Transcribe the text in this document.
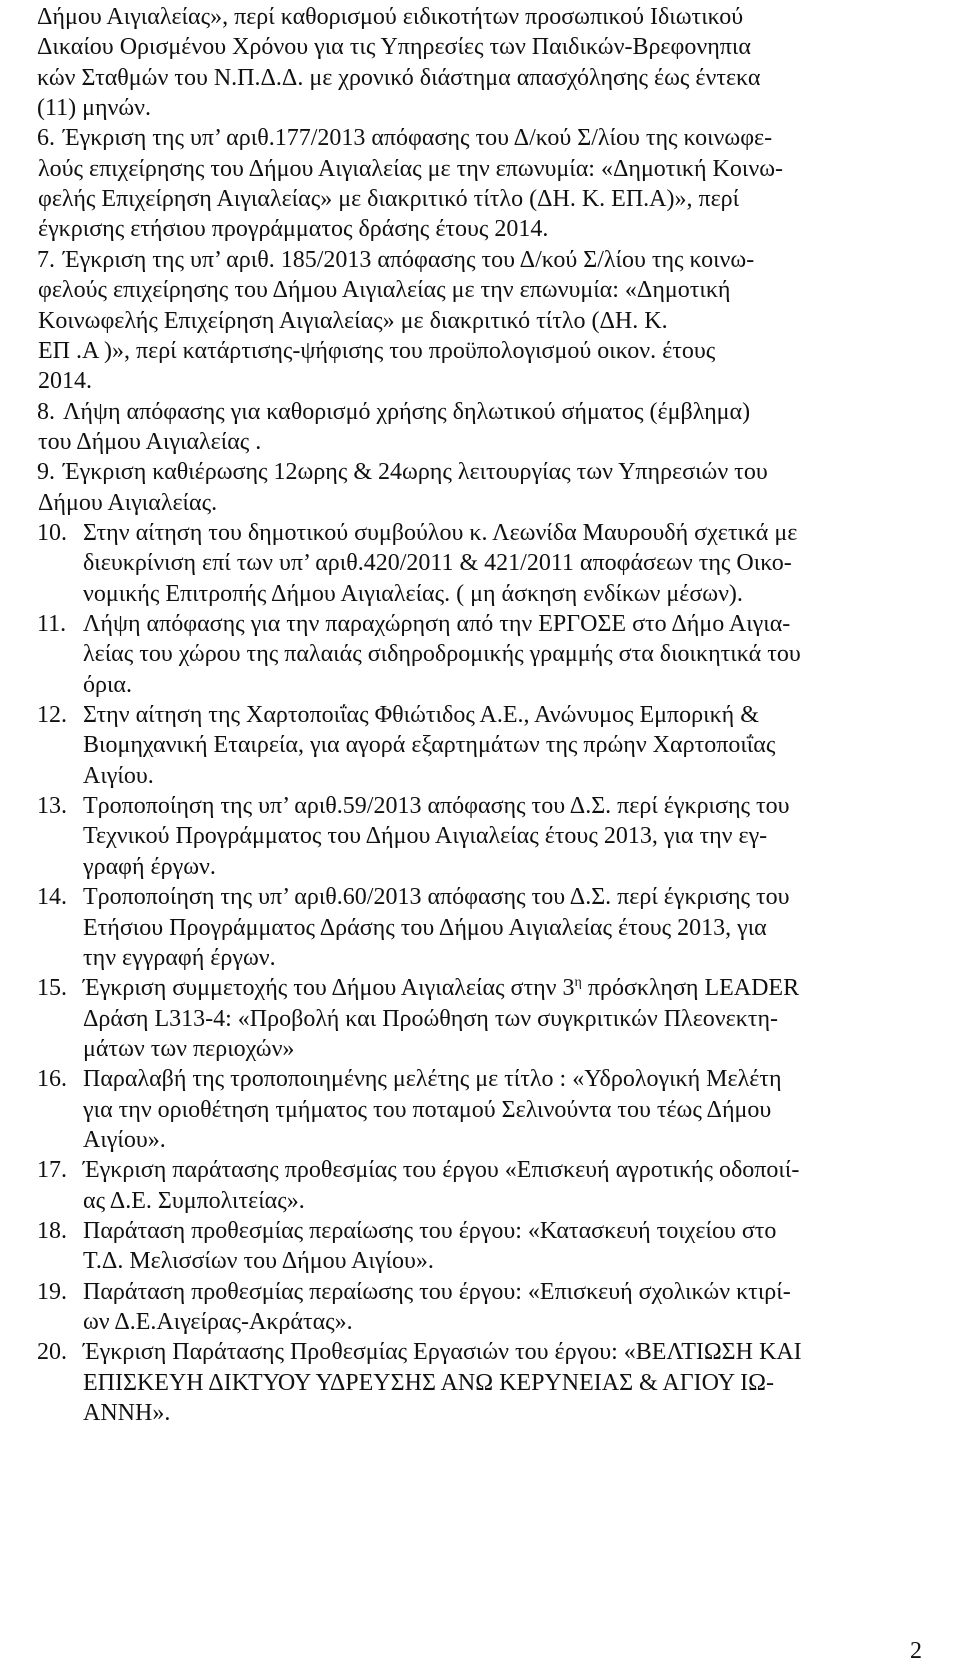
Δήμου Αιγιαλείας», περί καθορισμού ειδικοτήτων προσωπικού Ιδιωτικού
Δικαίου Ορισμένου Χρόνου για τις Υπηρεσίες των Παιδικών-Βρεφονηπια
κών Σταθμών του Ν.Π.Δ.Δ. με χρονικό διάστημα απασχόλησης έως έντεκα
(11) μηνών.
6. Έγκριση της υπ’ αριθ.177/2013 απόφασης του Δ/κού Σ/λίου της κοινωφε-
λούς επιχείρησης του Δήμου Αιγιαλείας με την επωνυμία: «Δημοτική Κοινω-
φελής Επιχείρηση Αιγιαλείας» με διακριτικό τίτλο (ΔΗ. Κ. ΕΠ.Α)», περί
έγκρισης ετήσιου προγράμματος δράσης έτους 2014.
7. Έγκριση της υπ’ αριθ. 185/2013 απόφασης του Δ/κού Σ/λίου της κοινω-
φελούς επιχείρησης του Δήμου Αιγιαλείας με την επωνυμία: «Δημοτική
Κοινωφελής Επιχείρηση Αιγιαλείας» με διακριτικό τίτλο (ΔΗ. Κ.
ΕΠ .Α )», περί κατάρτισης-ψήφισης του προϋπολογισμού οικον. έτους
2014.
8. Λήψη απόφασης για καθορισμό χρήσης δηλωτικού σήματος (έμβλημα)
του Δήμου Αιγιαλείας .
9. Έγκριση καθιέρωσης 12ωρης & 24ωρης λειτουργίας των Υπηρεσιών του
Δήμου Αιγιαλείας.
10. Στην αίτηση του δημοτικού συμβούλου κ. Λεωνίδα Μαυρουδή σχετικά με
διευκρίνιση επί των υπ’ αριθ.420/2011 & 421/2011 αποφάσεων της Οικο-
νομικής Επιτροπής Δήμου Αιγιαλείας. ( μη άσκηση ενδίκων μέσων).
11. Λήψη απόφασης για την παραχώρηση από την ΕΡΓΟΣΕ στο Δήμο Αιγια-
λείας του χώρου της παλαιάς σιδηροδρομικής γραμμής στα διοικητικά του
όρια.
12. Στην αίτηση της Χαρτοποιΐας Φθιώτιδος Α.Ε., Ανώνυμος Εμπορική &
Βιομηχανική Εταιρεία, για αγορά εξαρτημάτων της πρώην Χαρτοποιΐας
Αιγίου.
13. Τροποποίηση της υπ’ αριθ.59/2013 απόφασης του Δ.Σ. περί έγκρισης του
Τεχνικού Προγράμματος του Δήμου Αιγιαλείας έτους 2013, για την εγ-
γραφή έργων.
14. Τροποποίηση της υπ’ αριθ.60/2013 απόφασης του Δ.Σ. περί έγκρισης του
Ετήσιου Προγράμματος Δράσης του Δήμου Αιγιαλείας έτους 2013, για
την εγγραφή έργων.
15. Έγκριση συμμετοχής του Δήμου Αιγιαλείας στην $3^\eta$ πρόσκληση LEADER
Δράση L313-4: «Προβολή και Προώθηση των συγκριτικών Πλεονεκτη-
μάτων των περιοχών»
16. Παραλαβή της τροποποιημένης μελέτης με τίτλο : «Υδρολογική Μελέτη
για την οριοθέτηση τμήματος του ποταμού Σελινούντα του τέως Δήμου
Αιγίου».
17. Έγκριση παράτασης προθεσμίας του έργου «Επισκευή αγροτικής οδοποιί-
ας Δ.Ε. Συμπολιτείας».
18. Παράταση προθεσμίας περαίωσης του έργου: «Κατασκευή τοιχείου στο
Τ.Δ. Μελισσίων του Δήμου Αιγίου».
19. Παράταση προθεσμίας περαίωσης του έργου: «Επισκευή σχολικών κτιρί-
ων Δ.Ε.Αιγείρας-Ακράτας».
20. Έγκριση Παράτασης Προθεσμίας Εργασιών του έργου: «ΒΕΛΤΙΩΣΗ ΚΑΙ
ΕΠΙΣΚΕΥΗ ΔΙΚΤΥΟΥ ΥΔΡΕΥΣΗΣ ΑΝΩ ΚΕΡΥΝΕΙΑΣ & ΑΓΙΟΥ ΙΩ-
ΑΝΝΗ».
2
